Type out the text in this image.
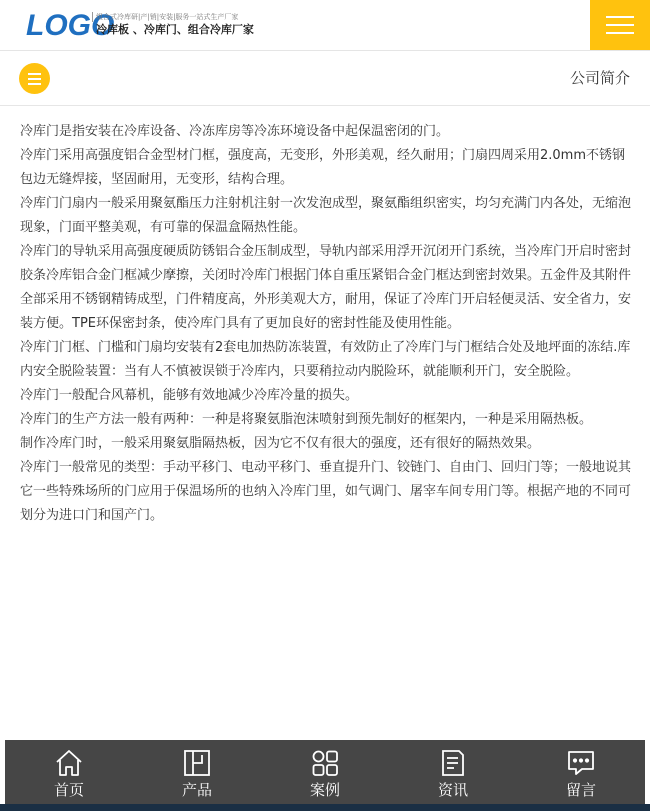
LOGO
组合式冷库研|产|销|安装|服务一站式生产厂家
冷库板 、冷库门、组合冷库厂家
公司简介

冷库门是指安装在冷库设备、冷冻库房等冷冻环境设备中起保温密闭的门。

冷库门采用高强度铝合金型材门框，强度高，无变形，外形美观，经久耐用；门扇四周采用2.0mm不锈钢包边无缝焊接，坚固耐用，无变形，结构合理。

冷库门门扇内一般采用聚氨酯压力注射机注射一次发泡成型，聚氨酯组织密实，均匀充满门内各处，无缩泡现象，门面平整美观，有可靠的保温盒隔热性能。

冷库门的导轨采用高强度硬质防锈铝合金压制成型，导轨内部采用浮开沉闭开门系统，当冷库门开启时密封胶条冷库铝合金门框减少摩擦，关闭时冷库门根据门体自重压紧铝合金门框达到密封效果。五金件及其附件全部采用不锈钢精铸成型，门件精度高，外形美观大方，耐用，保证了冷库门开启轻便灵活、安全省力，安装方便。TPE环保密封条，使冷库门具有了更加良好的密封性能及使用性能。

冷库门门框、门槛和门扇均安装有2套电加热防冻装置，有效防止了冷库门与门框结合处及地坪面的冻结.库内安全脱险装置：当有人不慎被误锁于冷库内，只要稍拉动内脱险环，就能顺利开门，安全脱险。

冷库门一般配合风幕机，能够有效地减少冷库冷量的损失。

冷库门的生产方法一般有两种：一种是将聚氨脂泡沫喷射到预先制好的框架内，一种是采用隔热板。

制作冷库门时，一般采用聚氨脂隔热板，因为它不仅有很大的强度，还有很好的隔热效果。

冷库门一般常见的类型：手动平移门、电动平移门、垂直提升门、铰链门、自由门、回归门等；一般地说其它一些特殊场所的门应用于保温场所的也纳入冷库门里，如气调门、屠宰车间专用门等。根据产地的不同可划分为进口门和国产门。

首页	产品	案例	资讯	留言
